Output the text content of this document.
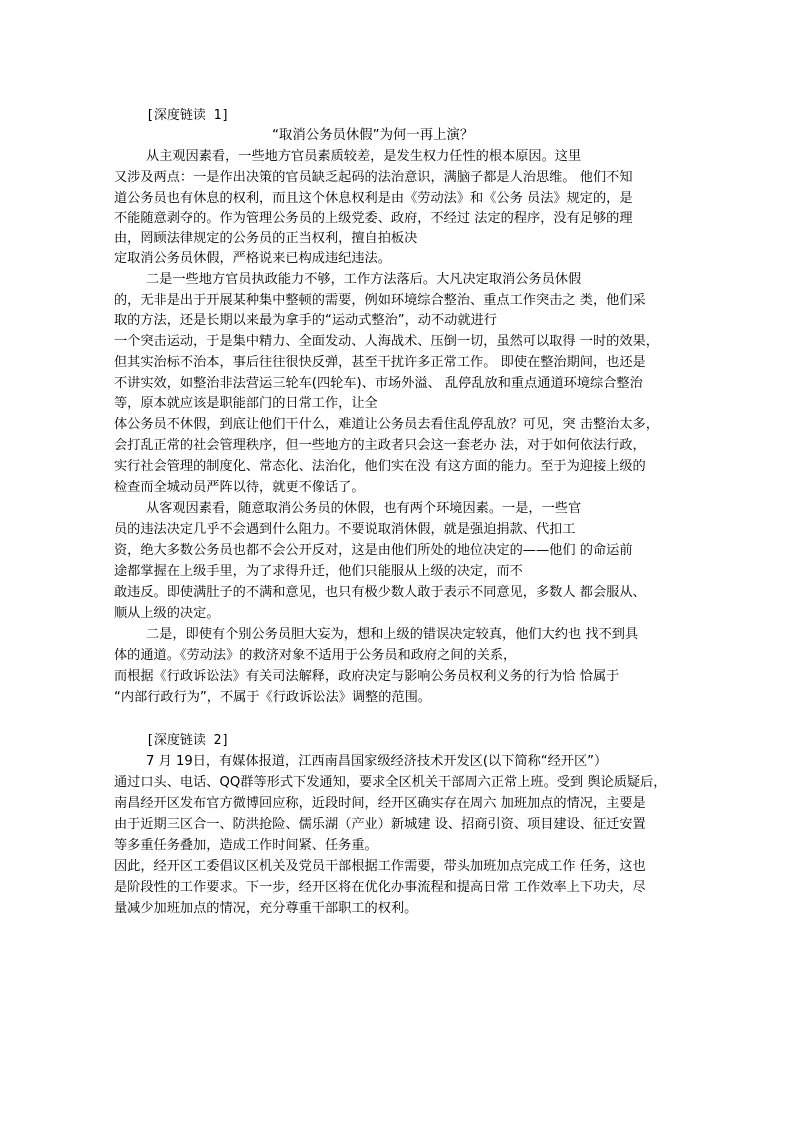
[深度链读 1]
“取消公务员休假”为何一再上演？
从主观因素看，一些地方官员素质较差，是发生权力任性的根本原因。这里
又涉及两点：一是作出决策的官员缺乏起码的法治意识，满脑子都是人治思维。 他们不知
道公务员也有休息的权利，而且这个休息权利是由《劳动法》和《公务 员法》规定的，是
不能随意剥夺的。作为管理公务员的上级党委、政府，不经过 法定的程序，没有足够的理
由，罔顾法律规定的公务员的正当权利，擅自拍板决
定取消公务员休假，严格说来已构成违纪违法。
二是一些地方官员执政能力不够，工作方法落后。大凡决定取消公务员休假
的，无非是出于开展某种集中整顿的需要，例如环境综合整治、重点工作突击之 类，他们采
取的方法，还是长期以来最为拿手的“运动式整治”，动不动就进行
一个突击运动，于是集中精力、全面发动、人海战术、压倒一切，虽然可以取得 一时的效果，
但其实治标不治本，事后往往很快反弹，甚至干扰许多正常工作。 即使在整治期间，也还是
不讲实效，如整治非法营运三轮车(四轮车)、市场外溢、 乱停乱放和重点通道环境综合整治
等，原本就应该是职能部门的日常工作，让全
体公务员不休假，到底让他们干什么，难道让公务员去看住乱停乱放？可见，突 击整治太多，
会打乱正常的社会管理秩序，但一些地方的主政者只会这一套老办 法，对于如何依法行政，
实行社会管理的制度化、常态化、法治化，他们实在没 有这方面的能力。至于为迎接上级的
检查而全城动员严阵以待，就更不像话了。
从客观因素看，随意取消公务员的休假，也有两个环境因素。一是，一些官
员的违法决定几乎不会遇到什么阻力。不要说取消休假，就是强迫捐款、代扣工
资，绝大多数公务员也都不会公开反对，这是由他们所处的地位决定的——他们 的命运前
途都掌握在上级手里，为了求得升迁，他们只能服从上级的决定，而不
敢违反。即使满肚子的不满和意见，也只有极少数人敢于表示不同意见，多数人 都会服从、
顺从上级的决定。
二是，即使有个别公务员胆大妄为，想和上级的错误决定较真，他们大约也 找不到具
体的通道。《劳动法》的救济对象不适用于公务员和政府之间的关系，
而根据《行政诉讼法》有关司法解释，政府决定与影响公务员权利义务的行为恰 恰属于
“内部行政行为”，不属于《行政诉讼法》调整的范围。
[深度链读 2]
7 月 19日，有媒体报道，江西南昌国家级经济技术开发区(以下简称“经开区”）
通过口头、电话、QQ群等形式下发通知，要求全区机关干部周六正常上班。受到 舆论质疑后，
南昌经开区发布官方微博回应称，近段时间，经开区确实存在周六 加班加点的情况，主要是
由于近期三区合一、防洪抢险、儒乐湖（产业）新城建 设、招商引资、项目建设、征迁安置
等多重任务叠加，造成工作时间紧、任务重。
因此，经开区工委倡议区机关及党员干部根据工作需要，带头加班加点完成工作 任务，这也
是阶段性的工作要求。下一步，经开区将在优化办事流程和提高日常 工作效率上下功夫，尽
量减少加班加点的情况，充分尊重干部职工的权利。
